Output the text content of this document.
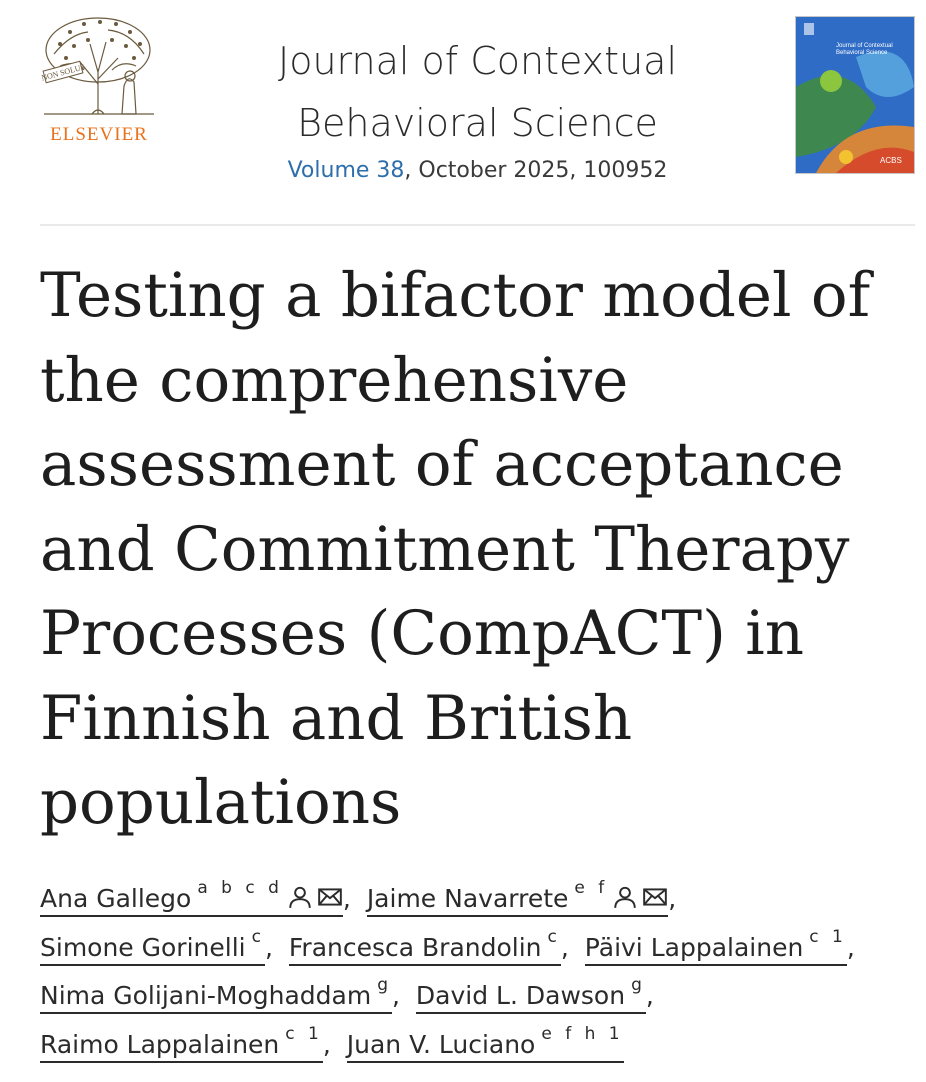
NON SOLUS
ELSEVIER
Journal of Contextual
Behavioral Science
Volume 38, October 2025, 100952
Journal of Contextual Behavioral Science
ACBS
Testing a bifactor model of the comprehensive assessment of acceptance and Commitment Therapy Processes (CompACT) in Finnish and British populations
Ana Gallego $^{a b c d}$ , Jaime Navarrete $^{e f}$ ,
Simone Gorinelli $^c$, Francesca Brandolin $^c$, Päivi Lappalainen $^{c 1}$,
Nima Golijani-Moghaddam $^g$, David L. Dawson $^g$,
Raimo Lappalainen $^{c 1}$, Juan V. Luciano $^{e f h 1}$
